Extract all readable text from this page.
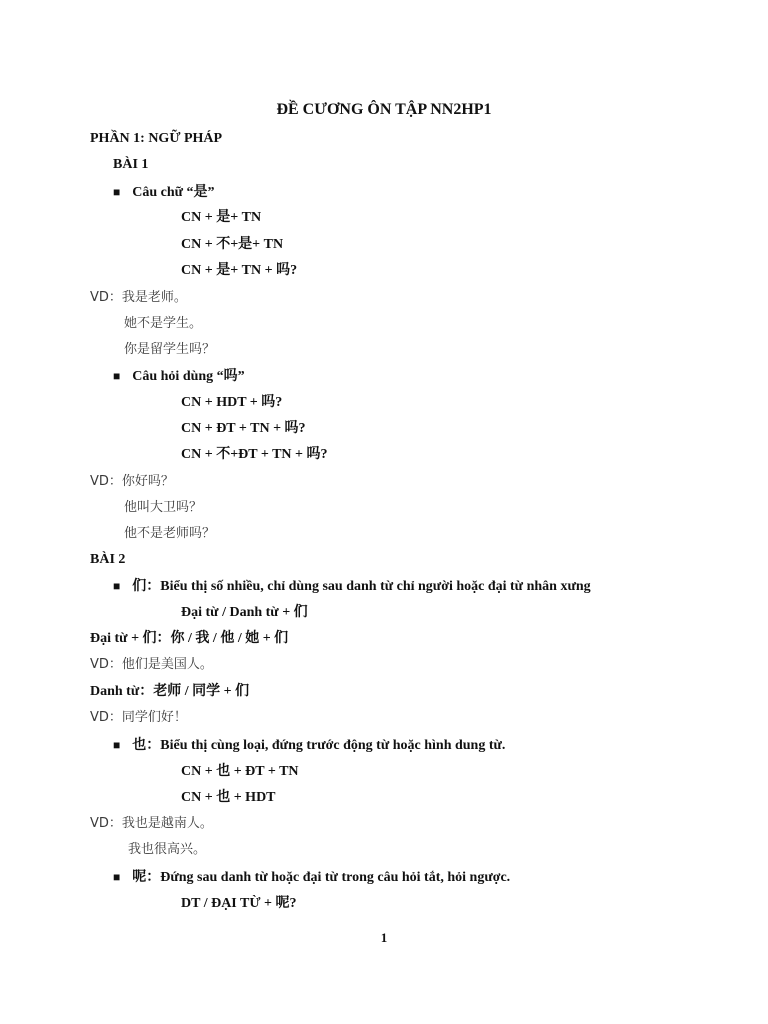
ĐỀ CƯƠNG ÔN TẬP NN2HP1
PHẦN 1: NGỮ PHÁP
BÀI 1
■ Câu chữ “是”
CN + 是+ TN
CN + 不+是+ TN
CN + 是+ TN + 吗?
VD：我是老师。
她不是学生。
你是留学生吗？
■ Câu hỏi dùng “吗”
CN + HDT + 吗?
CN + ĐT + TN + 吗?
CN + 不+ĐT + TN + 吗?
VD：你好吗？
他叫大卫吗？
他不是老师吗？
BÀI 2
■ 们：Biểu thị số nhiều, chỉ dùng sau danh từ chỉ người hoặc đại từ nhân xưng
Đại từ / Danh từ + 们
Đại từ + 们：你 / 我 / 他 / 她 + 们
VD：他们是美国人。
Danh từ：老师 / 同学 + 们
VD：同学们好！
■ 也：Biểu thị cùng loại, đứng trước động từ hoặc hình dung từ.
CN + 也 + ĐT + TN
CN + 也 + HDT
VD：我也是越南人。
我也很高兴。
■ 呢：Đứng sau danh từ hoặc đại từ trong câu hỏi tắt, hỏi ngược.
DT / ĐẠI TỪ + 呢?
1
